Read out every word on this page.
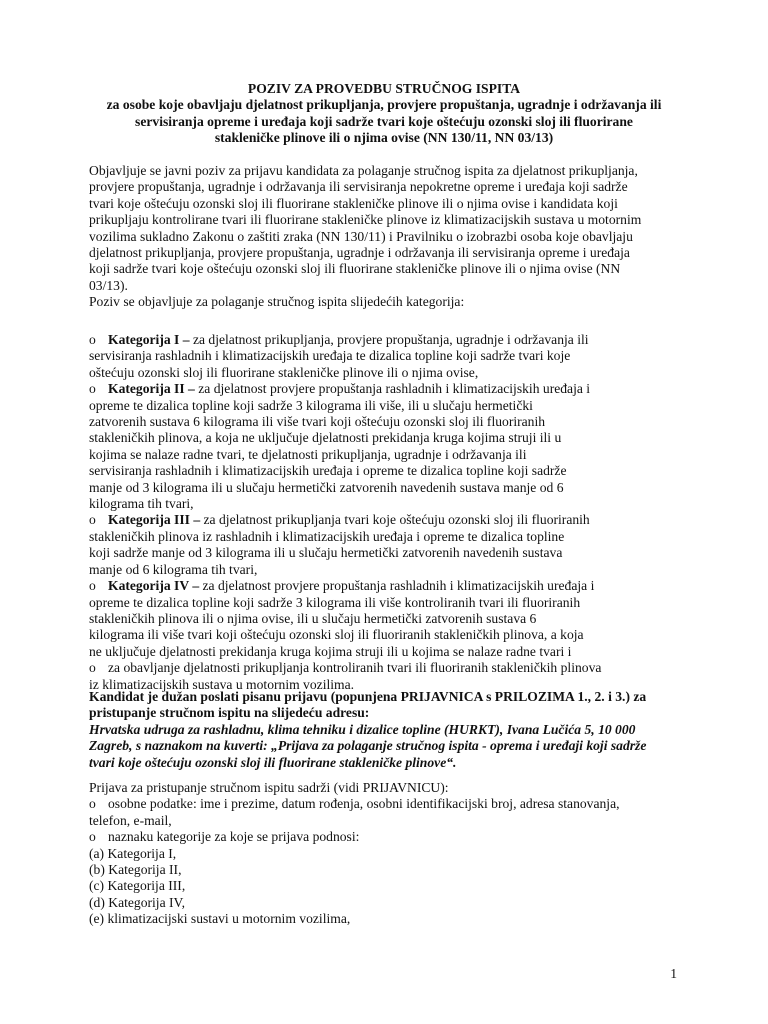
POZIV ZA PROVEDBU STRUČNOG ISPITA
za osobe koje obavljaju djelatnost prikupljanja, provjere propuštanja, ugradnje i održavanja ili
servisiranja opreme i uređaja koji sadrže tvari koje oštećuju ozonski sloj ili fluorirane
stakleničke plinove ili o njima ovise (NN 130/11, NN 03/13)
Objavljuje se javni poziv za prijavu kandidata za polaganje stručnog ispita za djelatnost prikupljanja,
provjere propuštanja, ugradnje i održavanja ili servisiranja nepokretne opreme i uređaja koji sadrže
tvari koje oštećuju ozonski sloj ili fluorirane stakleničke plinove ili o njima ovise i kandidata koji
prikupljaju kontrolirane tvari ili fluorirane stakleničke plinove iz klimatizacijskih sustava u motornim
vozilima sukladno Zakonu o zaštiti zraka (NN 130/11) i Pravilniku o izobrazbi osoba koje obavljaju
djelatnost prikupljanja, provjere propuštanja, ugradnje i održavanja ili servisiranja opreme i uređaja
koji sadrže tvari koje oštećuju ozonski sloj ili fluorirane stakleničke plinove ili o njima ovise (NN
03/13).
Poziv se objavljuje za polaganje stručnog ispita slijedećih kategorija:
o Kategorija I – za djelatnost prikupljanja, provjere propuštanja, ugradnje i održavanja ili
servisiranja rashladnih i klimatizacijskih uređaja te dizalica topline koji sadrže tvari koje
oštećuju ozonski sloj ili fluorirane stakleničke plinove ili o njima ovise,
o Kategorija II – za djelatnost provjere propuštanja rashladnih i klimatizacijskih uređaja i
opreme te dizalica topline koji sadrže 3 kilograma ili više, ili u slučaju hermetički
zatvorenih sustava 6 kilograma ili više tvari koji oštećuju ozonski sloj ili fluoriranih
stakleničkih plinova, a koja ne uključuje djelatnosti prekidanja kruga kojima struji ili u
kojima se nalaze radne tvari, te djelatnosti prikupljanja, ugradnje i održavanja ili
servisiranja rashladnih i klimatizacijskih uređaja i opreme te dizalica topline koji sadrže
manje od 3 kilograma ili u slučaju hermetički zatvorenih navedenih sustava manje od 6
kilograma tih tvari,
o Kategorija III – za djelatnost prikupljanja tvari koje oštećuju ozonski sloj ili fluoriranih
stakleničkih plinova iz rashladnih i klimatizacijskih uređaja i opreme te dizalica topline
koji sadrže manje od 3 kilograma ili u slučaju hermetički zatvorenih navedenih sustava
manje od 6 kilograma tih tvari,
o Kategorija IV – za djelatnost provjere propuštanja rashladnih i klimatizacijskih uređaja i
opreme te dizalica topline koji sadrže 3 kilograma ili više kontroliranih tvari ili fluoriranih
stakleničkih plinova ili o njima ovise, ili u slučaju hermetički zatvorenih sustava 6
kilograma ili više tvari koji oštećuju ozonski sloj ili fluoriranih stakleničkih plinova, a koja
ne uključuje djelatnosti prekidanja kruga kojima struji ili u kojima se nalaze radne tvari i
o za obavljanje djelatnosti prikupljanja kontroliranih tvari ili fluoriranih stakleničkih plinova
iz klimatizacijskih sustava u motornim vozilima.
Kandidat je dužan poslati pisanu prijavu (popunjena PRIJAVNICA s PRILOZIMA 1., 2. i 3.) za
pristupanje stručnom ispitu na slijedeću adresu:
Hrvatska udruga za rashladnu, klima tehniku i dizalice topline (HURKT), Ivana Lučića 5, 10 000
Zagreb, s naznakom na kuverti: „Prijava za polaganje stručnog ispita - oprema i uređaji koji sadrže
tvari koje oštećuju ozonski sloj ili fluorirane stakleničke plinove“.
Prijava za pristupanje stručnom ispitu sadrži (vidi PRIJAVNICU):
o osobne podatke: ime i prezime, datum rođenja, osobni identifikacijski broj, adresa stanovanja,
telefon, e-mail,
o naznaku kategorije za koje se prijava podnosi:
(a) Kategorija I,
(b) Kategorija II,
(c) Kategorija III,
(d) Kategorija IV,
(e) klimatizacijski sustavi u motornim vozilima,
1
